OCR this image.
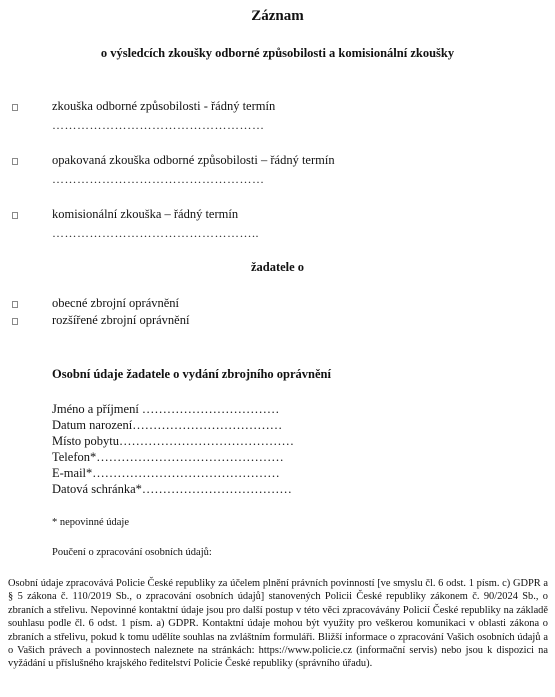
Záznam
o výsledcích zkoušky odborné způsobilosti a komisionální zkoušky
zkouška odborné způsobilosti - řádný termín
……………………………………………
opakovaná zkouška odborné způsobilosti – řádný termín
……………………………………………
komisionální zkouška – řádný termín
…………………………………………..
žadatele o
obecné zbrojní oprávnění
rozšířené zbrojní oprávnění
Osobní údaje žadatele o vydání zbrojního oprávnění
Jméno a příjmení ……………………………
Datum narození………………………………
Místo pobytu……………………………………
Telefon*………………………………………
E-mail*………………………………………
Datová schránka*………………………………
* nepovinné údaje
Poučení o zpracování osobních údajů:
Osobní údaje zpracovává Policie České republiky za účelem plnění právních povinností [ve smyslu čl. 6 odst. 1 písm. c) GDPR a § 5 zákona č. 110/2019 Sb., o zpracování osobních údajů] stanovených Policii České republiky zákonem č. 90/2024 Sb., o zbraních a střelivu. Nepovinné kontaktní údaje jsou pro další postup v této věci zpracovávány Policií České republiky na základě souhlasu podle čl. 6 odst. 1 písm. a) GDPR. Kontaktní údaje mohou být využity pro veškerou komunikaci v oblasti zákona o zbraních a střelivu, pokud k tomu udělíte souhlas na zvláštním formuláři. Bližší informace o zpracování Vašich osobních údajů a o Vašich právech a povinnostech naleznete na stránkách: https://www.policie.cz (informační servis) nebo jsou k dispozici na vyžádání u příslušného krajského ředitelství Policie České republiky (správního úřadu).
